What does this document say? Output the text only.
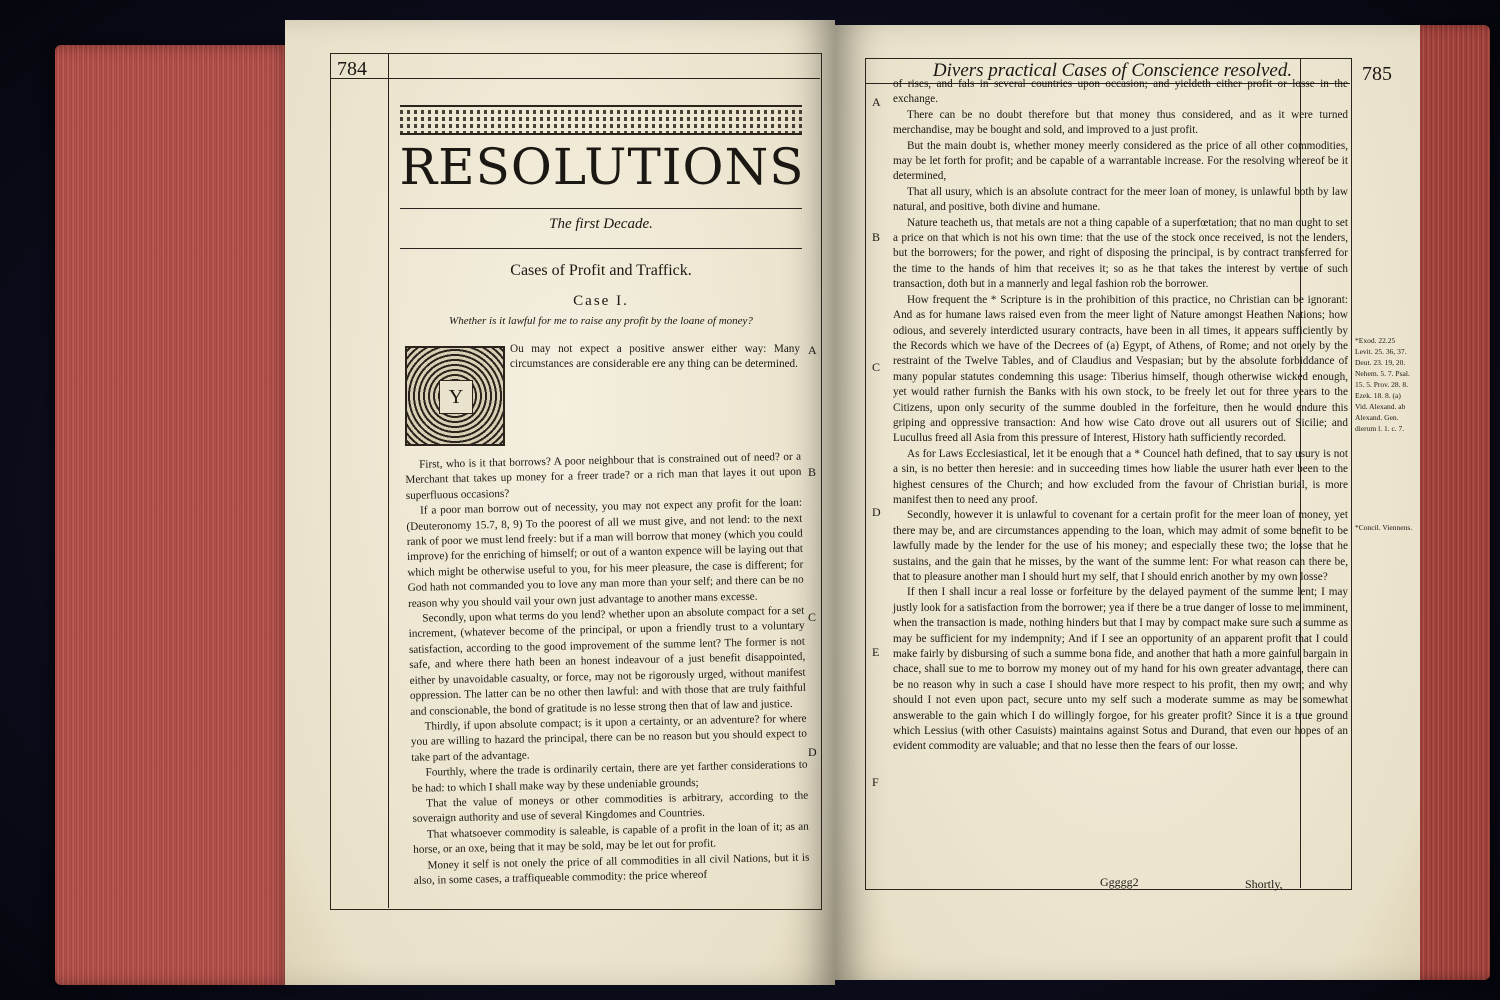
784
RESOLUTIONS
The first Decade.
Cases of Profit and Traffick.
Case I.
Whether is it lawful for me to raise any profit by the loane of money?
Y
Ou may not expect a positive answer either way: Many circumstances are considerable ere any thing can be determined.

First, who is it that borrows? A poor neighbour that is constrained out of need? or a Merchant that takes up money for a freer trade? or a rich man that layes it out upon superfluous occasions?

If a poor man borrow out of necessity, you may not expect any profit for the loan: (Deuteronomy 15.7, 8, 9) To the poorest of all we must give, and not lend: to the next rank of poor we must lend freely: but if a man will borrow that money (which you could improve) for the enriching of himself; or out of a wanton expence will be laying out that which might be otherwise useful to you, for his meer pleasure, the case is different; for God hath not commanded you to love any man more than your self; and there can be no reason why you should vail your own just advantage to another mans excesse.

Secondly, upon what terms do you lend? whether upon an absolute compact for a set increment, (whatever become of the principal, or upon a friendly trust to a voluntary satisfaction, according to the good improvement of the summe lent? The former is not safe, and where there hath been an honest indeavour of a just benefit disappointed, either by unavoidable casualty, or force, may not be rigorously urged, without manifest oppression. The latter can be no other then lawful: and with those that are truly faithful and conscionable, the bond of gratitude is no lesse strong then that of law and justice.

Thirdly, if upon absolute compact; is it upon a certainty, or an adventure? for where you are willing to hazard the principal, there can be no reason but you should expect to take part of the advantage.

Fourthly, where the trade is ordinarily certain, there are yet farther considerations to be had: to which I shall make way by these undeniable grounds;

That the value of moneys or other commodities is arbitrary, according to the soveraign authority and use of several Kingdomes and Countries.

That whatsoever commodity is saleable, is capable of a profit in the loan of it; as an horse, or an oxe, being that it may be sold, may be let out for profit.

Money it self is not onely the price of all commodities in all civil Nations, but it is also, in some cases, a traffiqueable commodity: the price whereof

A
B
C
D
Divers practical Cases of Conscience resolved.	785

of rises, and fals in several countries upon occasion; and yieldeth either profit or losse in the exchange.

There can be no doubt therefore but that money thus considered, and as it were turned merchandise, may be bought and sold, and improved to a just profit.

But the main doubt is, whether money meerly considered as the price of all other commodities, may be let forth for profit; and be capable of a warrantable increase. For the resolving whereof be it determined,

That all usury, which is an absolute contract for the meer loan of money, is unlawful both by law natural, and positive, both divine and humane.

Nature teacheth us, that metals are not a thing capable of a superfœtation; that no man ought to set a price on that which is not his own time: that the use of the stock once received, is not the lenders, but the borrowers; for the power, and right of disposing the principal, is by contract transferred for the time to the hands of him that receives it; so as he that takes the interest by vertue of such transaction, doth but in a mannerly and legal fashion rob the borrower.

How frequent the * Scripture is in the prohibition of this practice, no Christian can be ignorant: And as for humane laws raised even from the meer light of Nature amongst Heathen Nations; how odious, and severely interdicted usurary contracts, have been in all times, it appears sufficiently by the Records which we have of the Decrees of (a) Egypt, of Athens, of Rome; and not onely by the restraint of the Twelve Tables, and of Claudius and Vespasian; but by the absolute forbiddance of many popular statutes condemning this usage: Tiberius himself, though otherwise wicked enough, yet would rather furnish the Banks with his own stock, to be freely let out for three years to the Citizens, upon only security of the summe doubled in the forfeiture, then he would endure this griping and oppressive transaction: And how wise Cato drove out all usurers out of Sicilie; and Lucullus freed all Asia from this pressure of Interest, History hath sufficiently recorded.

As for Laws Ecclesiastical, let it be enough that a * Councel hath defined, that to say usury is not a sin, is no better then heresie: and in succeeding times how liable the usurer hath ever been to the highest censures of the Church; and how excluded from the favour of Christian burial, is more manifest then to need any proof.

Secondly, however it is unlawful to covenant for a certain profit for the meer loan of money, yet there may be, and are circumstances appending to the loan, which may admit of some benefit to be lawfully made by the lender for the use of his money; and especially these two; the losse that he sustains, and the gain that he misses, by the want of the summe lent: For what reason can there be, that to pleasure another man I should hurt my self, that I should enrich another by my own losse?

If then I shall incur a real losse or forfeiture by the delayed payment of the summe lent; I may justly look for a satisfaction from the borrower; yea if there be a true danger of losse to me imminent, when the transaction is made, nothing hinders but that I may by compact make sure such a summe as may be sufficient for my indempnity; And if I see an opportunity of an apparent profit that I could make fairly by disbursing of such a summe bona fide, and another that hath a more gainful bargain in chace, shall sue to me to borrow my money out of my hand for his own greater advantage, there can be no reason why in such a case I should have more respect to his profit, then my own; and why should I not even upon pact, secure unto my self such a moderate summe as may be somewhat answerable to the gain which I do willingly forgoe, for his greater profit? Since it is a true ground which Lessius (with other Casuists) maintains against Sotus and Durand, that even our hopes of an evident commodity are valuable; and that no lesse then the fears of our losse.

A
B
C
D
E
F
*Exod. 22.25 Levit. 25. 36, 37. Deut. 23. 19, 20. Nehem. 5. 7. Psal. 15. 5. Prov. 28. 8. Ezek. 18. 8. (a) Vid. Alexand. ab Alexand. Gen. dierum l. 1. c. 7.
*Concil. Viennens.
Ggggg2	Shortly,
